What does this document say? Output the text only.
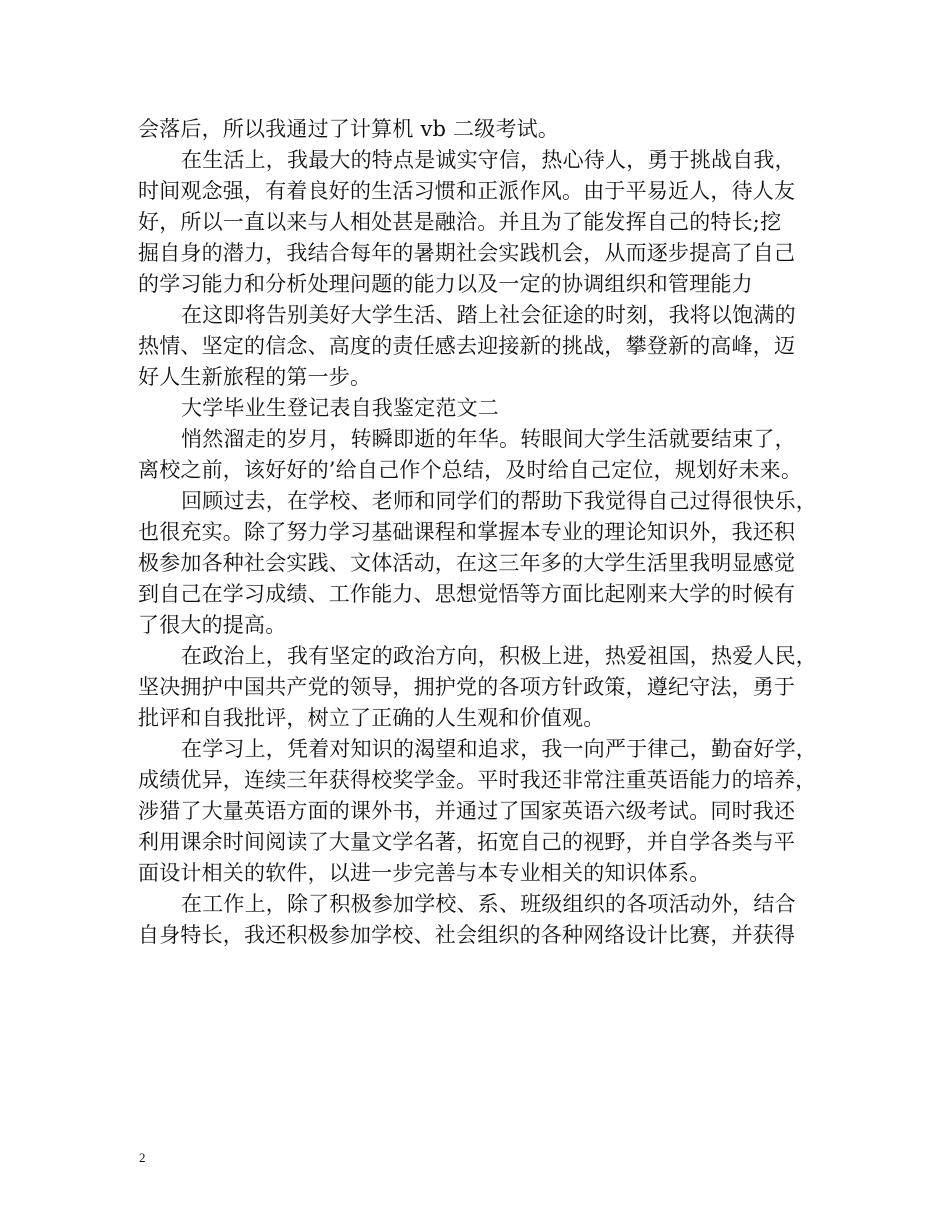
会落后，所以我通过了计算机 vb 二级考试。
在生活上，我最大的特点是诚实守信，热心待人，勇于挑战自我，
时间观念强，有着良好的生活习惯和正派作风。由于平易近人，待人友
好，所以一直以来与人相处甚是融洽。并且为了能发挥自己的特长;挖
掘自身的潜力，我结合每年的暑期社会实践机会，从而逐步提高了自己
的学习能力和分析处理问题的能力以及一定的协调组织和管理能力
在这即将告别美好大学生活、踏上社会征途的时刻，我将以饱满的
热情、坚定的信念、高度的责任感去迎接新的挑战，攀登新的高峰，迈
好人生新旅程的第一步。
大学毕业生登记表自我鉴定范文二
悄然溜走的岁月，转瞬即逝的年华。转眼间大学生活就要结束了，
离校之前，该好好的’给自己作个总结，及时给自己定位，规划好未来。
回顾过去，在学校、老师和同学们的帮助下我觉得自己过得很快乐，
也很充实。除了努力学习基础课程和掌握本专业的理论知识外，我还积
极参加各种社会实践、文体活动，在这三年多的大学生活里我明显感觉
到自己在学习成绩、工作能力、思想觉悟等方面比起刚来大学的时候有
了很大的提高。
在政治上，我有坚定的政治方向，积极上进，热爱祖国，热爱人民，
坚决拥护中国共产党的领导，拥护党的各项方针政策，遵纪守法，勇于
批评和自我批评，树立了正确的人生观和价值观。
在学习上，凭着对知识的渴望和追求，我一向严于律己，勤奋好学，
成绩优异，连续三年获得校奖学金。平时我还非常注重英语能力的培养，
涉猎了大量英语方面的课外书，并通过了国家英语六级考试。同时我还
利用课余时间阅读了大量文学名著，拓宽自己的视野，并自学各类与平
面设计相关的软件，以进一步完善与本专业相关的知识体系。
在工作上，除了积极参加学校、系、班级组织的各项活动外，结合
自身特长，我还积极参加学校、社会组织的各种网络设计比赛，并获得
2
